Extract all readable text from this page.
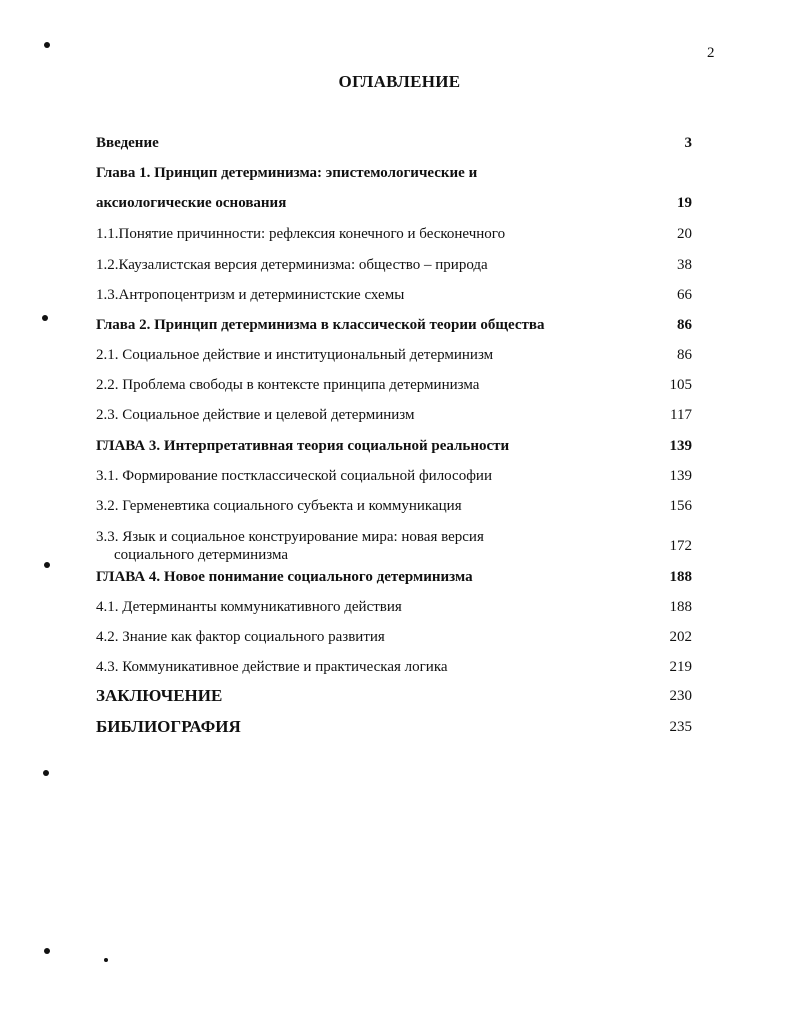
2
ОГЛАВЛЕНИЕ
Введение	3
Глава 1. Принцип детерминизма: эпистемологические и
аксиологические основания	19
1.1.Понятие причинности: рефлексия конечного и бесконечного	20
1.2.Каузалистская версия детерминизма: общество – природа	38
1.3.Антропоцентризм и детерминистские схемы	66
Глава 2. Принцип детерминизма в классической теории общества	86
2.1. Социальное действие и институциональный детерминизм	86
2.2. Проблема свободы в контексте принципа детерминизма	105
2.3. Социальное действие и целевой детерминизм	117
ГЛАВА 3. Интерпретативная теория социальной реальности	139
3.1. Формирование постклассической социальной философии	139
3.2. Герменевтика социального субъекта и коммуникация	156
3.3. Язык и социальное конструирование мира: новая версия
социального детерминизма
172
ГЛАВА 4. Новое понимание социального детерминизма	188
4.1. Детерминанты коммуникативного действия	188
4.2. Знание как фактор социального развития	202
4.3. Коммуникативное действие и практическая логика	219
ЗАКЛЮЧЕНИЕ	230
БИБЛИОГРАФИЯ	235
